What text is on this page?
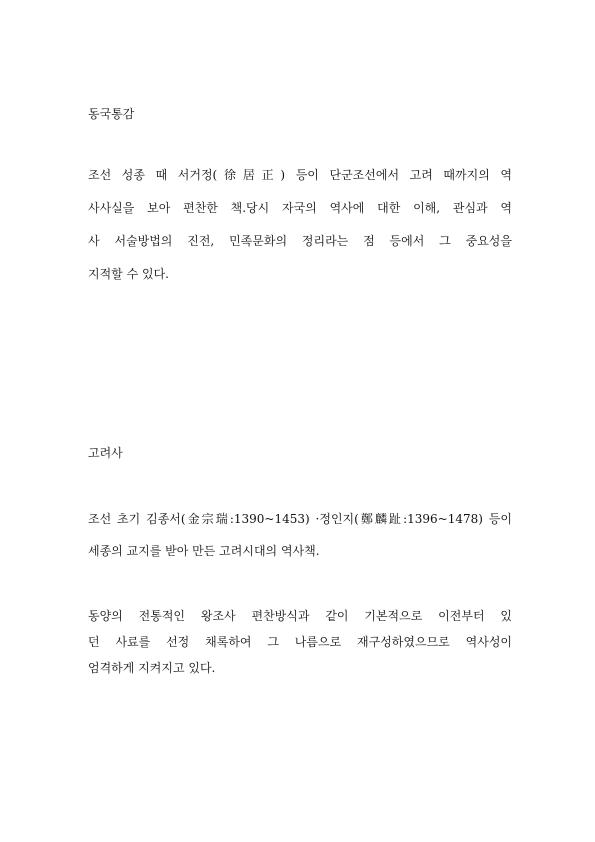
동국통감
조선 성종 때 서거정(徐居正) 등이 단군조선에서 고려 때까지의 역
사사실을 보아 편찬한 책.당시 자국의 역사에 대한 이해, 관심과 역
사 서술방법의 진전, 민족문화의 정리라는 점 등에서 그 중요성을
지적할 수 있다.
고려사
조선 초기 김종서(金宗瑞:1390~1453) ·정인지(鄭麟趾:1396~1478) 등이
세종의 교지를 받아 만든 고려시대의 역사책.
동양의 전통적인 왕조사 편찬방식과 같이 기본적으로 이전부터 있
던 사료를 선정 채록하여 그 나름으로 재구성하였으므로 역사성이
엄격하게 지켜지고 있다.
